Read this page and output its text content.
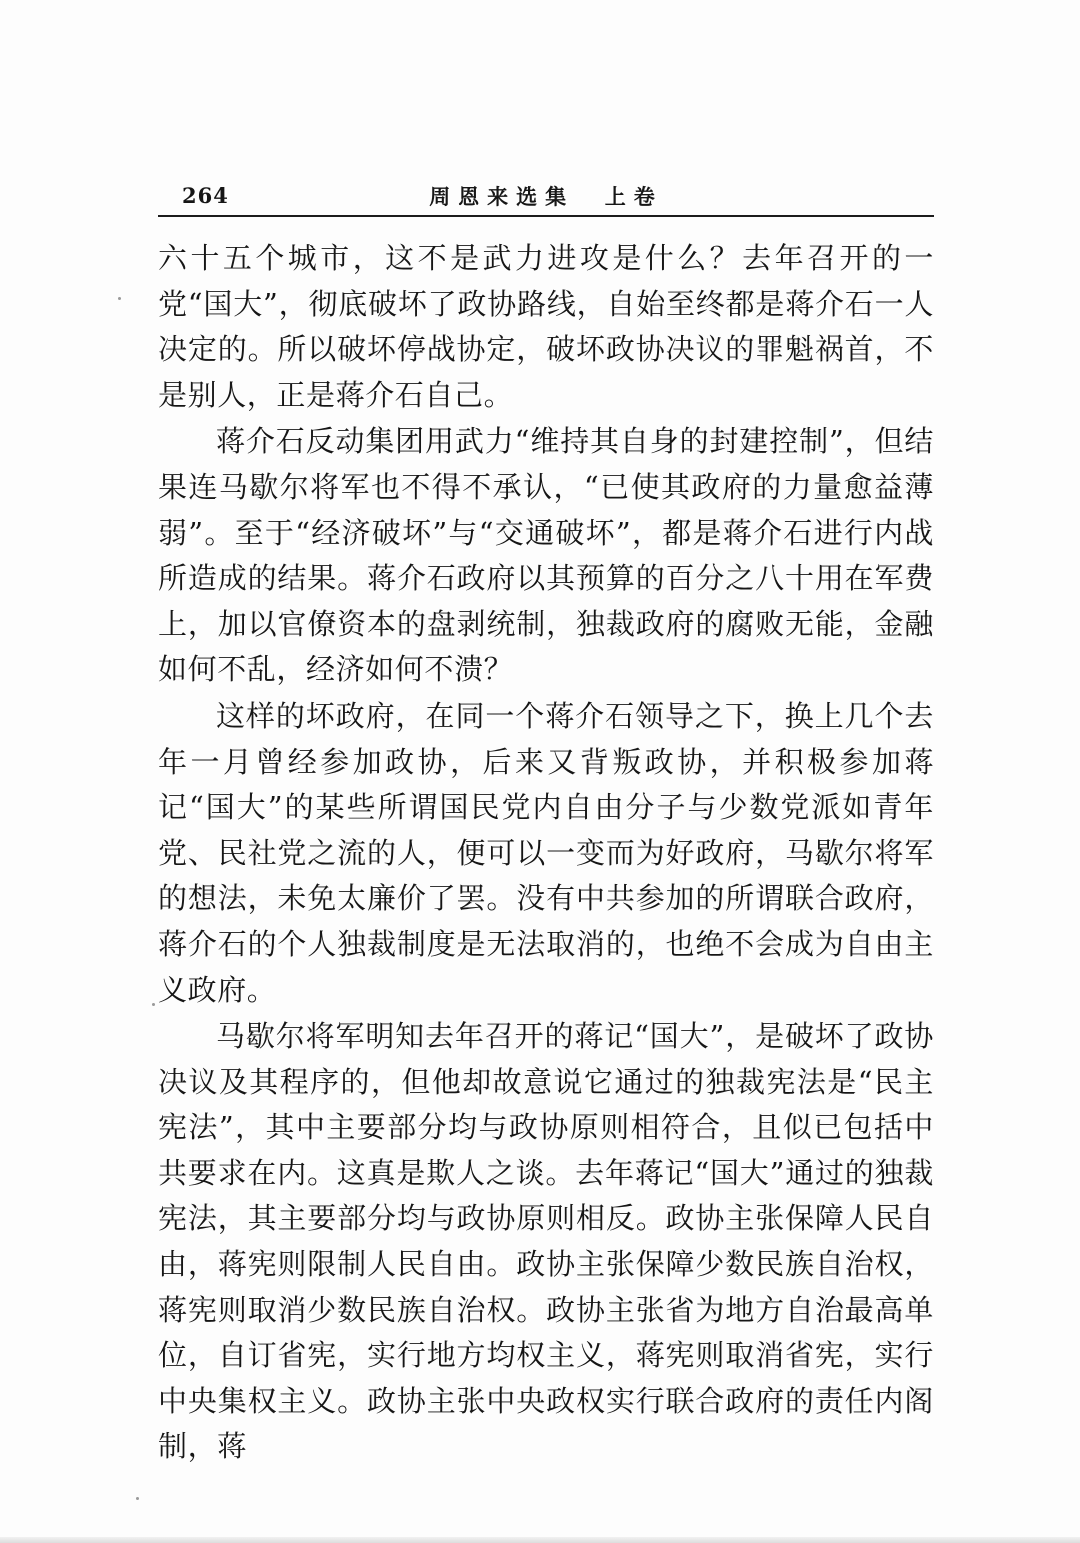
264	周恩来选集  上卷

六十五个城市，这不是武力进攻是什么？去年召开的一党“国大”，彻底破坏了政协路线，自始至终都是蒋介石一人决定的。所以破坏停战协定，破坏政协决议的罪魁祸首，不是别人，正是蒋介石自己。

蒋介石反动集团用武力“维持其自身的封建控制”，但结果连马歇尔将军也不得不承认，“已使其政府的力量愈益薄弱”。至于“经济破坏”与“交通破坏”，都是蒋介石进行内战所造成的结果。蒋介石政府以其预算的百分之八十用在军费上，加以官僚资本的盘剥统制，独裁政府的腐败无能，金融如何不乱，经济如何不溃？

这样的坏政府，在同一个蒋介石领导之下，换上几个去年一月曾经参加政协，后来又背叛政协，并积极参加蒋记“国大”的某些所谓国民党内自由分子与少数党派如青年党、民社党之流的人，便可以一变而为好政府，马歇尔将军的想法，未免太廉价了罢。没有中共参加的所谓联合政府，蒋介石的个人独裁制度是无法取消的，也绝不会成为自由主义政府。

马歇尔将军明知去年召开的蒋记“国大”，是破坏了政协决议及其程序的，但他却故意说它通过的独裁宪法是“民主宪法”，其中主要部分均与政协原则相符合，且似已包括中共要求在内。这真是欺人之谈。去年蒋记“国大”通过的独裁宪法，其主要部分均与政协原则相反。政协主张保障人民自由，蒋宪则限制人民自由。政协主张保障少数民族自治权，蒋宪则取消少数民族自治权。政协主张省为地方自治最高单位，自订省宪，实行地方均权主义，蒋宪则取消省宪，实行中央集权主义。政协主张中央政权实行联合政府的责任内阁制，蒋
